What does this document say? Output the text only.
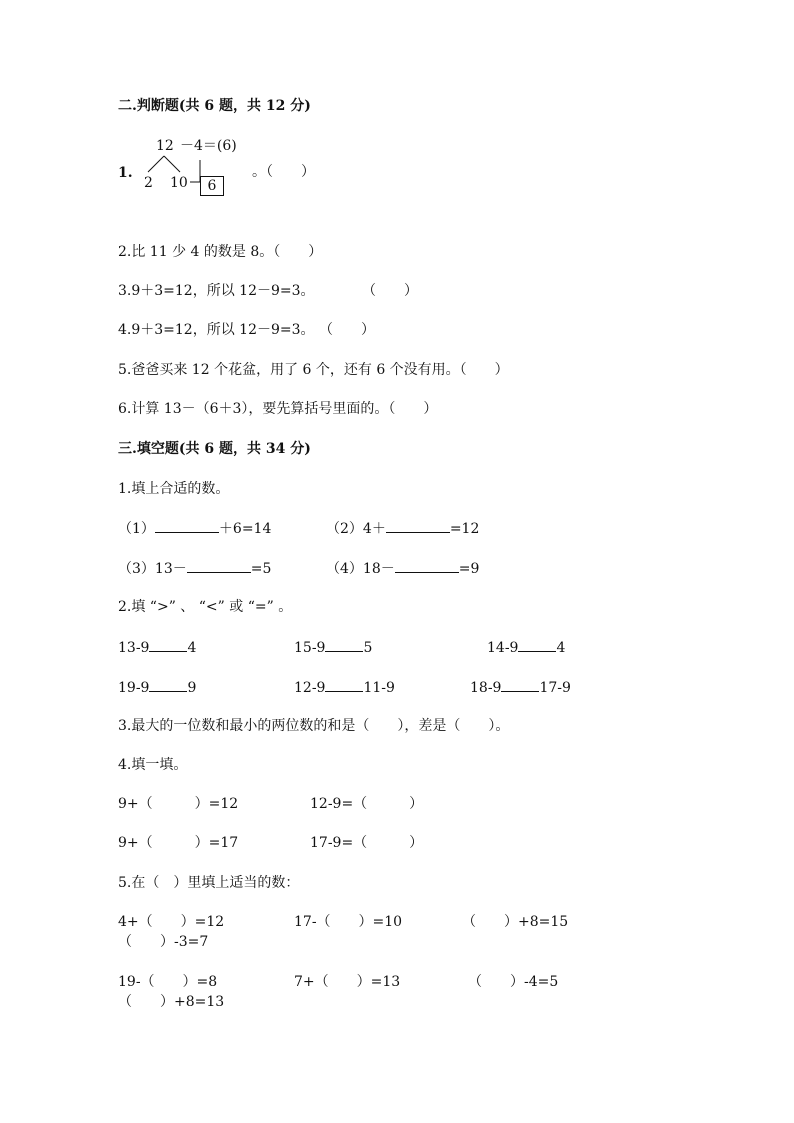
二.判断题(共 6 题，共 12 分)
1.
12 －4＝(6)
2 10	6
。（　　）
2.比 11 少 4 的数是 8。（　　）
3.9＋3=12，所以 12－9=3。	（　　）
4.9＋3=12，所以 12－9=3。 （　　）
5.爸爸买来 12 个花盆，用了 6 个，还有 6 个没有用。（　　）
6.计算 13－（6＋3），要先算括号里面的。（　　）
三.填空题(共 6 题，共 34 分)
1.填上合适的数。
（1）	＋6=14	（2）4＋	=12
（3）13－	=5	（4）18－	=9
2.填 “>” 、 “<” 或 “=” 。
13-9	4	15-9	5	14-9	4
19-9	9	12-9	11-9	18-9	17-9
3.最大的一位数和最小的两位数的和是（　　），差是（　　）。
4.填一填。
9+（　　　）=12	12-9=（　　　）
9+（　　　）=17	17-9=（　　　）
5.在（　）里填上适当的数：
4+（　　）=12	17-（　　）=10	（　　）+8=15
（　　）-3=7
19-（　　）=8	7+（　　）=13	（　　）-4=5
（　　）+8=13
